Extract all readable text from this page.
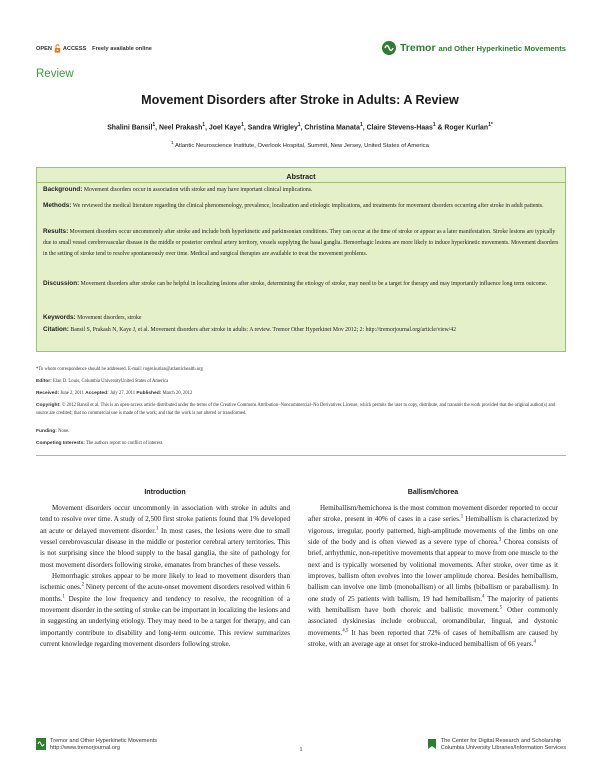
OPEN ACCESS Freely available online	Tremor and Other Hyperkinetic Movements
Review
Movement Disorders after Stroke in Adults: A Review
Shalini Bansil$^1$, Neel Prakash$^1$, Joel Kaye$^1$, Sandra Wrigley$^1$, Christina Manata$^1$, Claire Stevens-Haas$^1$ & Roger Kurlan$^{1*}$
$^1$ Atlantic Neuroscience Institute, Overlook Hospital, Summit, New Jersey, United States of America
Abstract
Background: Movement disorders occur in association with stroke and may have important clinical implications.
Methods: We reviewed the medical literature regarding the clinical phenomenology, prevalence, localization and etiologic implications, and treatments for movement disorders occurring after stroke in adult patients.
Results: Movement disorders occur uncommonly after stroke and include both hyperkinetic and parkinsonian conditions. They can occur at the time of stroke or appear as a later manifestation. Stroke lesions are typically due to small vessel cerebrovascular disease in the middle or posterior cerebral artery territory, vessels supplying the basal ganglia. Hemorrhagic lesions are more likely to induce hyperkinetic movements. Movement disorders in the setting of stroke tend to resolve spontaneously over time. Medical and surgical therapies are available to treat the movement problems.
Discussion: Movement disorders after stroke can be helpful in localizing lesions after stroke, determining the etiology of stroke, may need to be a target for therapy and may importantly influence long term outcome.
Keywords: Movement disorders, stroke
Citation: Bansil S, Prakash N, Kaye J, et al. Movement disorders after stroke in adults: A review. Tremor Other Hyperkinet Mov 2012; 2: http://tremorjournal.org/article/view/42
*To whom correspondence should be addressed. E-mail: roger.kurlan@atlantichealth.org
Editor: Elan D. Louis, Columbia UniversityUnited States of America
Received: June 2, 2011 Accepted: July 27, 2011 Published: March 20, 2012
Copyright: © 2012 Bansil et al. This is an open-access article distributed under the terms of the Creative Commons Attribution–Noncommercial–No Derivatives License, which permits the user to copy, distribute, and transmit the work provided that the original author(s) and source are credited; that no commercial use is made of the work; and that the work is not altered or transformed.
Funding: None.
Competing Interests: The authors report no conflict of interest.
Introduction

Movement disorders occur uncommonly in association with stroke in adults and tend to resolve over time. A study of 2,500 first stroke patients found that 1% developed an acute or delayed movement disorder.$^1$ In most cases, the lesions were due to small vessel cerebrovascular disease in the middle or posterior cerebral artery territories. This is not surprising since the blood supply to the basal ganglia, the site of pathology for most movement disorders following stroke, emanates from branches of these vessels.

Hemorrhagic strokes appear to be more likely to lead to movement disorders than ischemic ones.$^2$ Ninety percent of the acute-onset movement disorders resolved within 6 months.$^1$ Despite the low frequency and tendency to resolve, the recognition of a movement disorder in the setting of stroke can be important in localizing the lesions and in suggesting an underlying etiology. They may need to be a target for therapy, and can importantly contribute to disability and long-term outcome. This review summarizes current knowledge regarding movement disorders following stroke.

Ballism/chorea

Hemiballism/hemichorea is the most common movement disorder reported to occur after stroke, present in 40% of cases in a case series.$^1$ Hemiballism is characterized by vigorous, irregular, poorly patterned, high-amplitude movements of the limbs on one side of the body and is often viewed as a severe type of chorea.$^3$ Chorea consists of brief, arrhythmic, non-repetitive movements that appear to move from one muscle to the next and is typically worsened by volitional movements. After stroke, over time as it improves, ballism often evolves into the lower amplitude chorea. Besides hemiballism, ballism can involve one limb (monoballism) or all limbs (biballism or paraballism). In one study of 25 patients with ballism, 19 had hemiballism.$^4$ The majority of patients with hemiballism have both choreic and ballistic movement.$^5$ Other commonly associated dyskinesias include orobuccal, oromandibular, lingual, and dystonic movements.$^{4,5}$ It has been reported that 72% of cases of hemiballism are caused by stroke, with an average age at onset for stroke-induced hemiballism of 66 years.$^4$

Tremor and Other Hyperkinetic Movements
http://www.tremorjournal.org	1
The Center for Digital Research and Scholarship
Columbia University Libraries/Information Services
